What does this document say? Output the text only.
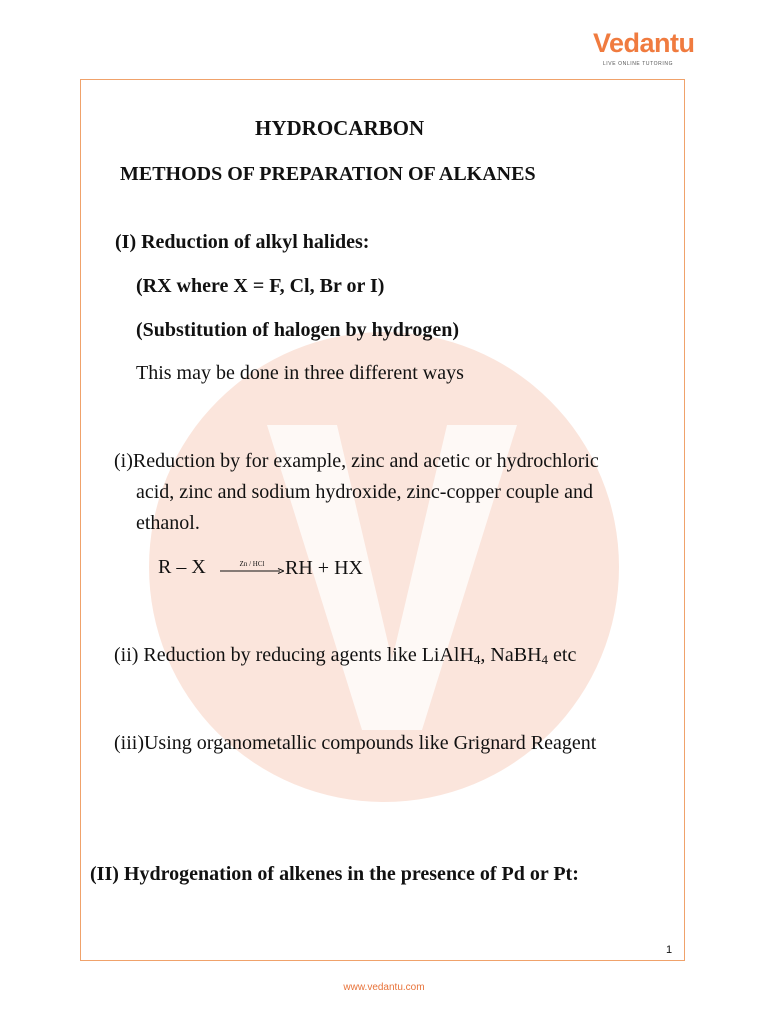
Vedantu
LIVE ONLINE TUTORING
HYDROCARBON
METHODS OF PREPARATION OF ALKANES
(I) Reduction of alkyl halides:
(RX where X = F, Cl, Br or I)
(Substitution of halogen by hydrogen)
This may be done in three different ways
(i)Reduction by for example, zinc and acetic or hydrochloric
acid, zinc and sodium hydroxide, zinc-copper couple and
ethanol.
R – X	Zn / HCl	RH + HX
(ii) Reduction by reducing agents like LiAlH$_4$, NaBH$_4$ etc
(iii)Using organometallic compounds like Grignard Reagent
(II) Hydrogenation of alkenes in the presence of Pd or Pt:
1
www.vedantu.com
